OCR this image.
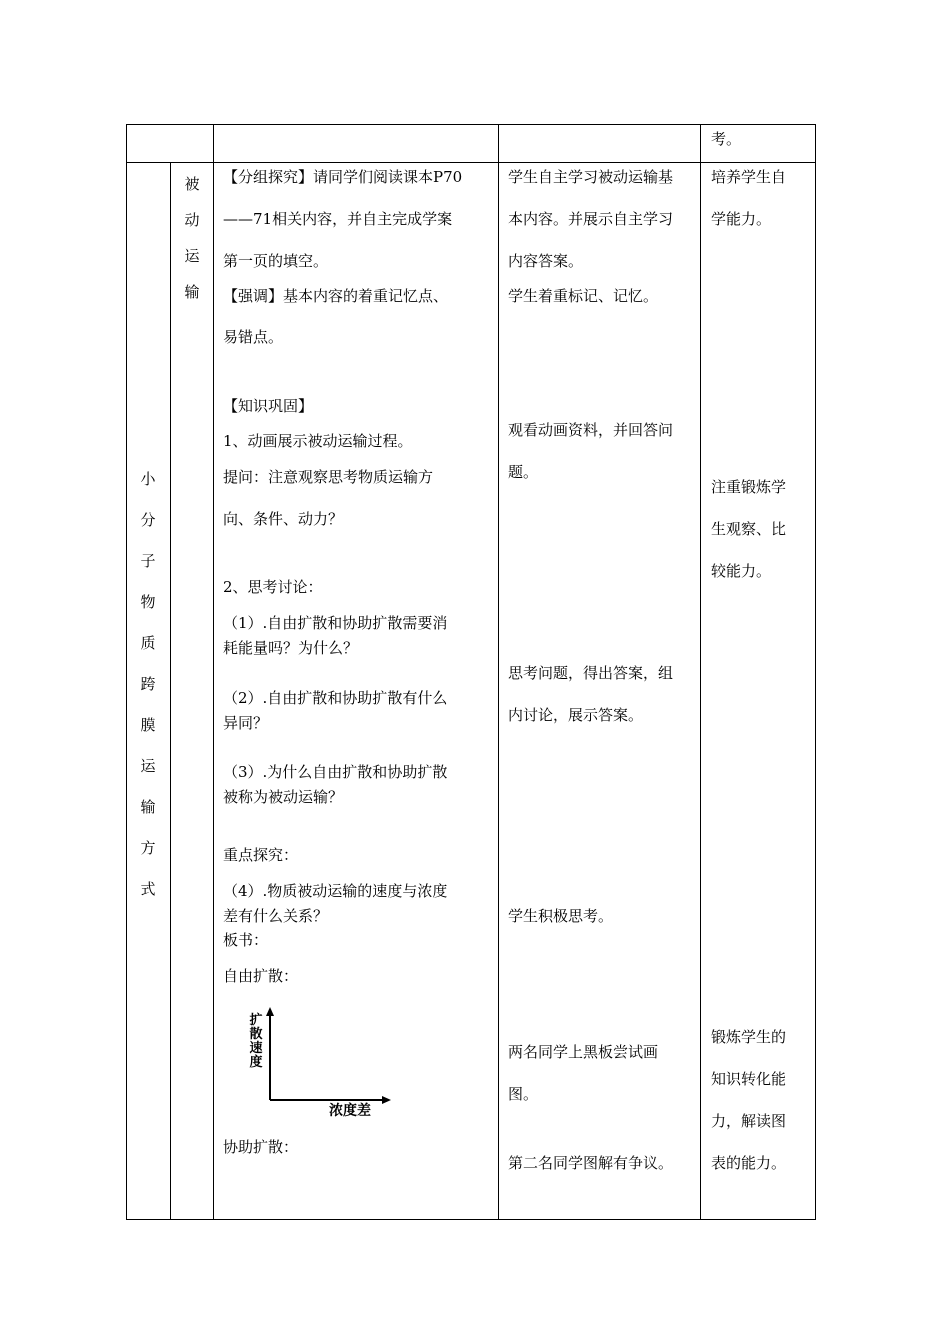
考。
小
分
子
物
质
跨
膜
运
输
方
式
被
动
运
输
【分组探究】请同学们阅读课本P70
——71相关内容，并自主完成学案
第一页的填空。
【强调】基本内容的着重记忆点、
易错点。
【知识巩固】
1、动画展示被动运输过程。
提问：注意观察思考物质运输方
向、条件、动力？
2、思考讨论：
（1）.自由扩散和协助扩散需要消
耗能量吗？为什么？
（2）.自由扩散和协助扩散有什么
异同？
（3）.为什么自由扩散和协助扩散
被称为被动运输？
重点探究：
（4）.物质被动运输的速度与浓度
差有什么关系？
板书：
自由扩散：
扩
散
速
度
浓度差
协助扩散：
学生自主学习被动运输基
本内容。并展示自主学习
内容答案。
学生着重标记、记忆。
观看动画资料，并回答问
题。
思考问题，得出答案，组
内讨论，展示答案。
学生积极思考。
两名同学上黑板尝试画
图。
第二名同学图解有争议。
培养学生自
学能力。
注重锻炼学
生观察、比
较能力。
锻炼学生的
知识转化能
力，解读图
表的能力。
